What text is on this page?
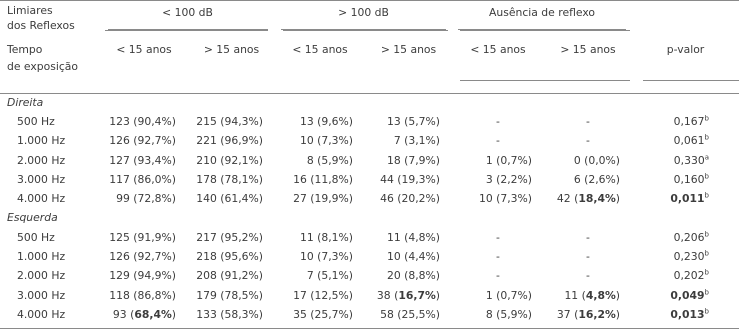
Limiares
dos Reflexos	< 100 dB		> 100 dB		Ausência de reflexo		

Tempo
de exposição	< 15 anos	> 15 anos	< 15 anos	> 15 anos	< 15 anos	> 15 anos	p-valor
Direita							
500 Hz	123 (90,4%)	215 (94,3%)	13 (9,6%)	13 (5,7%)	-	-	0,167$^b$
1.000 Hz	126 (92,7%)	221 (96,9%)	10 (7,3%)	7 (3,1%)	-	-	0,061$^b$
2.000 Hz	127 (93,4%)	210 (92,1%)	8 (5,9%)	18 (7,9%)	1 (0,7%)	0 (0,0%)	0,330$^a$
3.000 Hz	117 (86,0%)	178 (78,1%)	16 (11,8%)	44 (19,3%)	3 (2,2%)	6 (2,6%)	0,160$^b$
4.000 Hz	99 (72,8%)	140 (61,4%)	27 (19,9%)	46 (20,2%)	10 (7,3%)	42 (18,4%)	0,011$^b$
Esquerda							
500 Hz	125 (91,9%)	217 (95,2%)	11 (8,1%)	11 (4,8%)	-	-	0,206$^b$
1.000 Hz	126 (92,7%)	218 (95,6%)	10 (7,3%)	10 (4,4%)	-	-	0,230$^b$
2.000 Hz	129 (94,9%)	208 (91,2%)	7 (5,1%)	20 (8,8%)	-	-	0,202$^b$
3.000 Hz	118 (86,8%)	179 (78,5%)	17 (12,5%)	38 (16,7%)	1 (0,7%)	11 (4,8%)	0,049$^b$
4.000 Hz	93 (68,4%)	133 (58,3%)	35 (25,7%)	58 (25,5%)	8 (5,9%)	37 (16,2%)	0,013$^b$
